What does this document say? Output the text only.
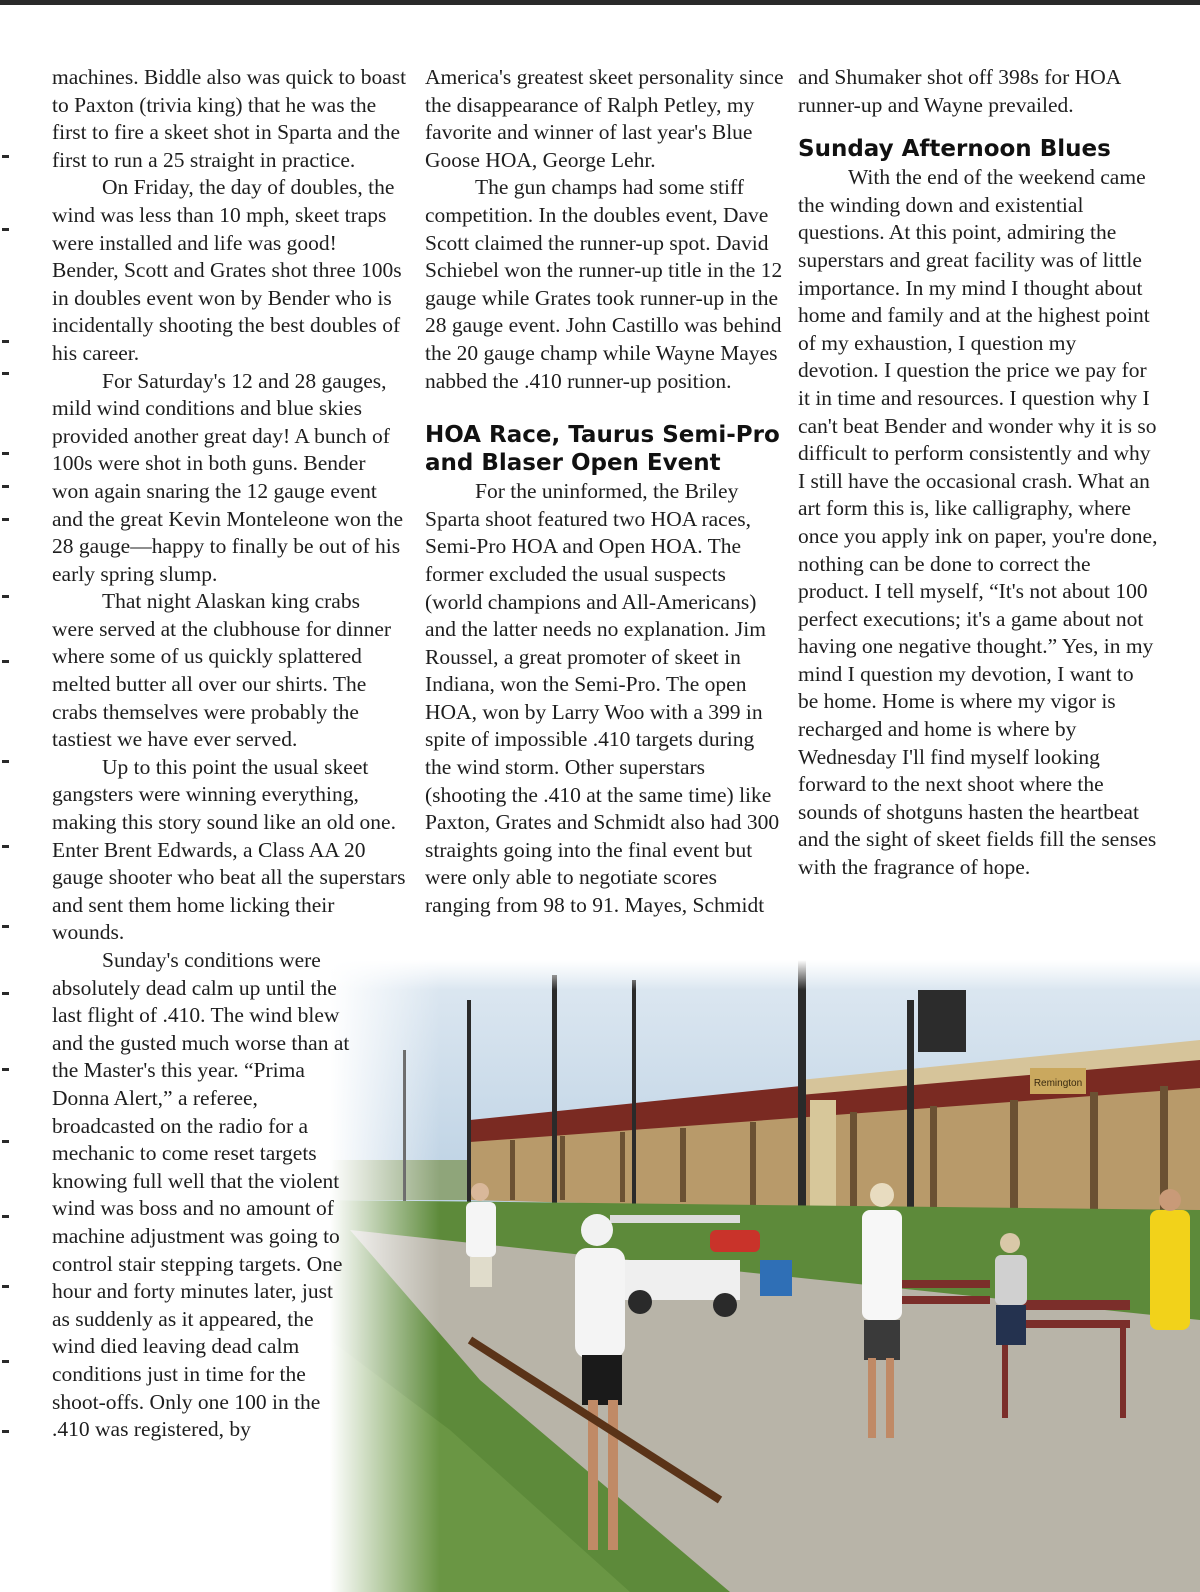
Remington

machines. Biddle also was quick to boast to Paxton (trivia king) that he was the first to fire a skeet shot in Sparta and the first to run a 25 straight in practice.

On Friday, the day of doubles, the wind was less than 10 mph, skeet traps were installed and life was good! Bender, Scott and Grates shot three 100s in doubles event won by Bender who is incidentally shooting the best doubles of his career.

For Saturday's 12 and 28 gauges, mild wind conditions and blue skies provided another great day! A bunch of 100s were shot in both guns. Bender won again snaring the 12 gauge event and the great Kevin Monteleone won the 28 gauge—happy to finally be out of his early spring slump.

That night Alaskan king crabs were served at the clubhouse for dinner where some of us quickly splattered melted butter all over our shirts. The crabs themselves were probably the tastiest we have ever served.

Up to this point the usual skeet gangsters were winning everything, making this story sound like an old one. Enter Brent Edwards, a Class AA 20 gauge shooter who beat all the superstars and sent them home licking their wounds.

Sunday's conditions were absolutely dead calm up until the last flight of .410. The wind blew and the gusted much worse than at the Master's this year. “Prima Donna Alert,” a referee, broadcasted on the radio for a mechanic to come reset targets knowing full well that the violent wind was boss and no amount of machine adjustment was going to control stair stepping targets. One hour and forty minutes later, just as suddenly as it appeared, the wind died leaving dead calm conditions just in time for the shoot-offs. Only one 100 in the .410 was registered, by

America's greatest skeet personality since the disappearance of Ralph Petley, my favorite and winner of last year's Blue Goose HOA, George Lehr.

The gun champs had some stiff competition. In the doubles event, Dave Scott claimed the runner-up spot. David Schiebel won the runner-up title in the 12 gauge while Grates took runner-up in the 28 gauge event. John Castillo was behind the 20 gauge champ while Wayne Mayes nabbed the .410 runner-up position.

HOA Race, Taurus Semi-Pro and Blaser Open Event

For the uninformed, the Briley Sparta shoot featured two HOA races, Semi-Pro HOA and Open HOA. The former excluded the usual suspects (world champions and All-Americans) and the latter needs no explanation. Jim Roussel, a great promoter of skeet in Indiana, won the Semi-Pro. The open HOA, won by Larry Woo with a 399 in spite of impossible .410 targets during the wind storm. Other superstars (shooting the .410 at the same time) like Paxton, Grates and Schmidt also had 300 straights going into the final event but were only able to negotiate scores ranging from 98 to 91. Mayes, Schmidt

and Shumaker shot off 398s for HOA runner-up and Wayne prevailed.

Sunday Afternoon Blues

With the end of the weekend came the winding down and existential questions. At this point, admiring the superstars and great facility was of little importance. In my mind I thought about home and family and at the highest point of my exhaustion, I question my devotion. I question the price we pay for it in time and resources. I question why I can't beat Bender and wonder why it is so difficult to perform consistently and why I still have the occasional crash. What an art form this is, like calligraphy, where once you apply ink on paper, you're done, nothing can be done to correct the product. I tell myself, “It's not about 100 perfect executions; it's a game about not having one negative thought.” Yes, in my mind I question my devotion, I want to be home. Home is where my vigor is recharged and home is where by Wednesday I'll find myself looking forward to the next shoot where the sounds of shotguns hasten the heartbeat and the sight of skeet fields fill the senses with the fragrance of hope.
